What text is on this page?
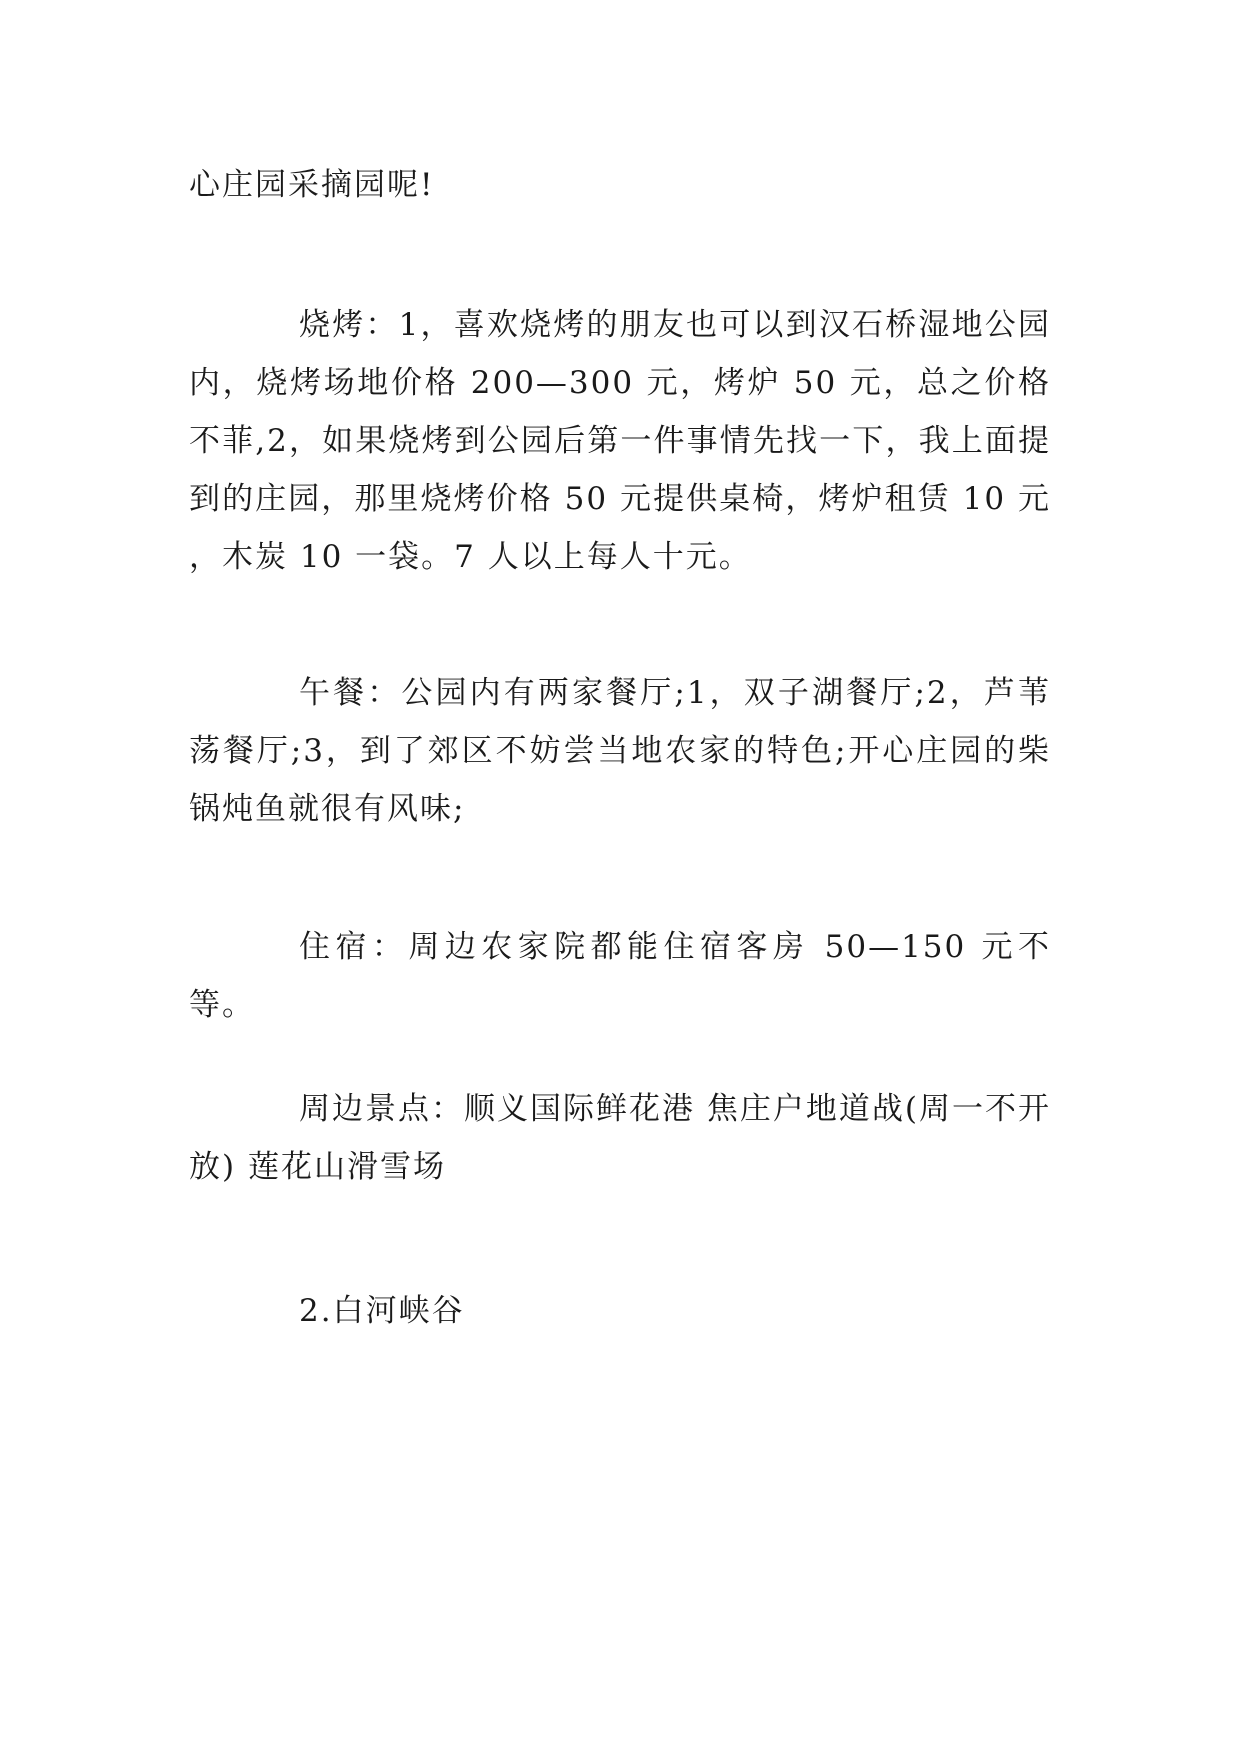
心庄园采摘园呢!

烧烤：1，喜欢烧烤的朋友也可以到汉石桥湿地公园内，烧烤场地价格 200—300 元，烤炉 50 元，总之价格不菲,2，如果烧烤到公园后第一件事情先找一下，我上面提到的庄园，那里烧烤价格 50 元提供桌椅，烤炉租赁 10 元 ，木炭 10 一袋。7 人以上每人十元。

午餐：公园内有两家餐厅;1，双子湖餐厅;2，芦苇荡餐厅;3，到了郊区不妨尝当地农家的特色;开心庄园的柴锅炖鱼就很有风味;

住宿：周边农家院都能住宿客房 50—150 元不等。

周边景点：顺义国际鲜花港 焦庄户地道战(周一不开放) 莲花山滑雪场

2.白河峡谷
